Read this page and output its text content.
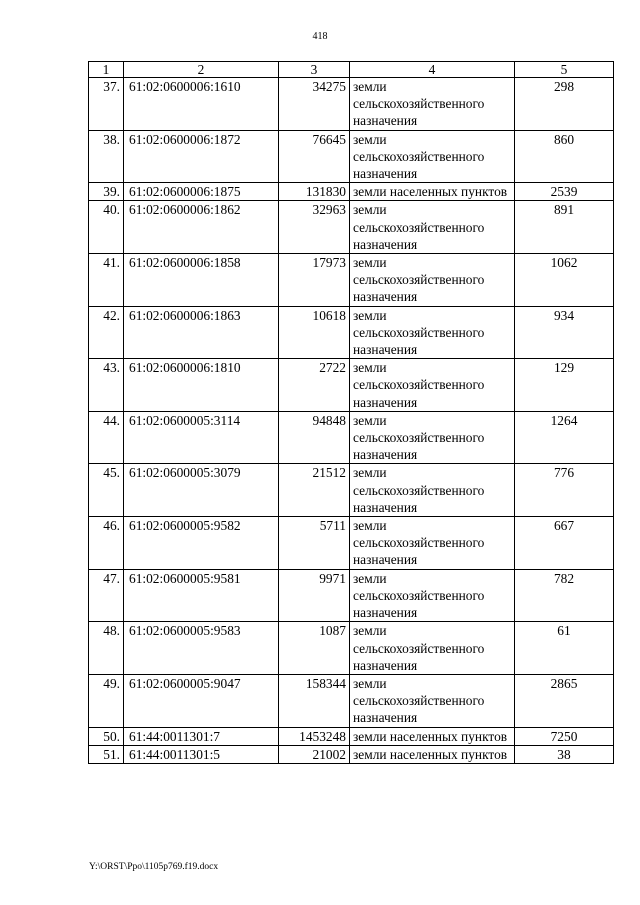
418
1	2	3	4	5
37.	61:02:0600006:1610	34275	земли сельскохозяйственного назначения	298
38.	61:02:0600006:1872	76645	земли сельскохозяйственного назначения	860
39.	61:02:0600006:1875	131830	земли населенных пунктов	2539
40.	61:02:0600006:1862	32963	земли сельскохозяйственного назначения	891
41.	61:02:0600006:1858	17973	земли сельскохозяйственного назначения	1062
42.	61:02:0600006:1863	10618	земли сельскохозяйственного назначения	934
43.	61:02:0600006:1810	2722	земли сельскохозяйственного назначения	129
44.	61:02:0600005:3114	94848	земли сельскохозяйственного назначения	1264
45.	61:02:0600005:3079	21512	земли сельскохозяйственного назначения	776
46.	61:02:0600005:9582	5711	земли сельскохозяйственного назначения	667
47.	61:02:0600005:9581	9971	земли сельскохозяйственного назначения	782
48.	61:02:0600005:9583	1087	земли сельскохозяйственного назначения	61
49.	61:02:0600005:9047	158344	земли сельскохозяйственного назначения	2865
50.	61:44:0011301:7	1453248	земли населенных пунктов	7250
51.	61:44:0011301:5	21002	земли населенных пунктов	38
Y:\ORST\Ppo\1105p769.f19.docx
